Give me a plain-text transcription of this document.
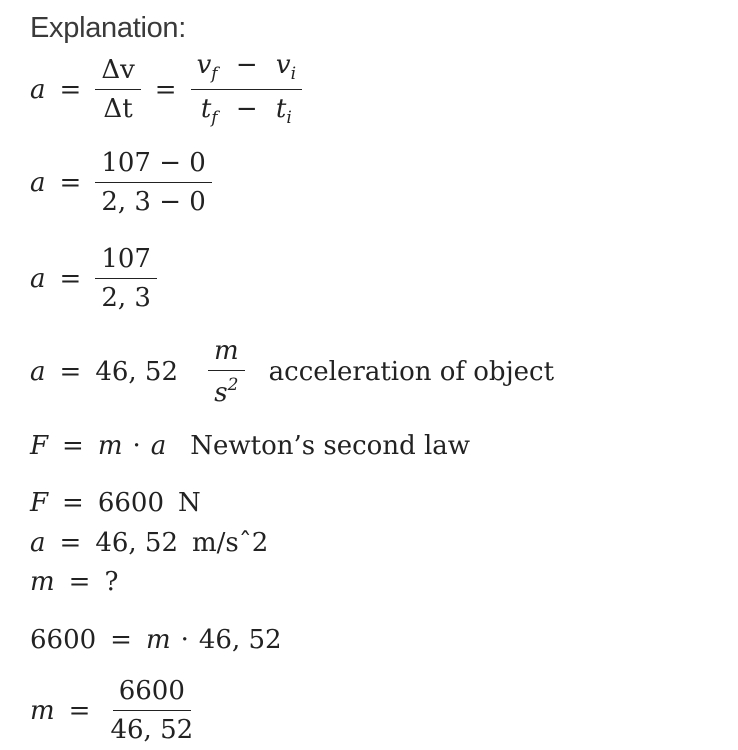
Explanation:
$a = \frac{\Delta v}{\Delta t} = \frac{v_f - v_i}{t_f - t_i}$
$a = \frac{107 - 0}{2, 3 - 0}$
$a = \frac{107}{2, 3}$
a = 46, $52 \frac{m}{s^2}$ acceleration of object
F = m · a Newton’s second law
F = 6600 N
a = 46, 52 m/sˆ2
m = ?
6600 = m · 46, 52
$m = \frac{6600}{46, 52}$
